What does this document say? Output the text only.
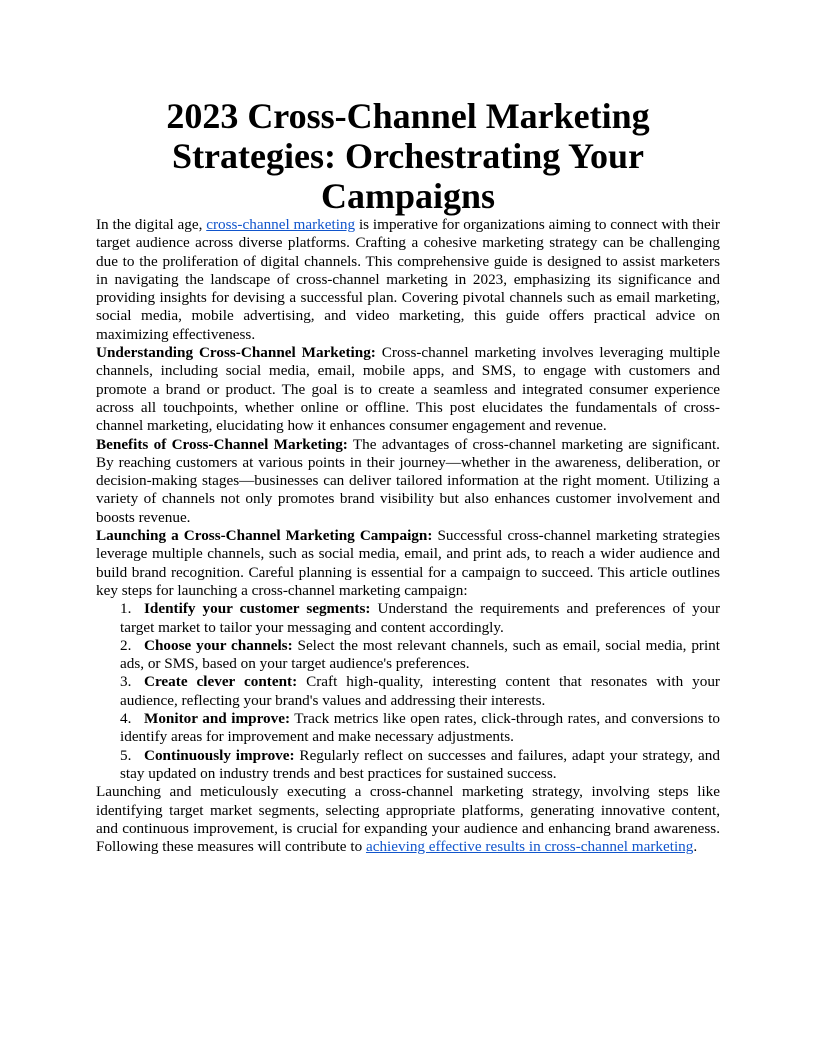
2023 Cross-Channel Marketing Strategies: Orchestrating Your Campaigns

In the digital age, cross-channel marketing is imperative for organizations aiming to connect with their target audience across diverse platforms. Crafting a cohesive marketing strategy can be challenging due to the proliferation of digital channels. This comprehensive guide is designed to assist marketers in navigating the landscape of cross-channel marketing in 2023, emphasizing its significance and providing insights for devising a successful plan. Covering pivotal channels such as email marketing, social media, mobile advertising, and video marketing, this guide offers practical advice on maximizing effectiveness.

Understanding Cross-Channel Marketing: Cross-channel marketing involves leveraging multiple channels, including social media, email, mobile apps, and SMS, to engage with customers and promote a brand or product. The goal is to create a seamless and integrated consumer experience across all touchpoints, whether online or offline. This post elucidates the fundamentals of cross-channel marketing, elucidating how it enhances consumer engagement and revenue.

Benefits of Cross-Channel Marketing: The advantages of cross-channel marketing are significant. By reaching customers at various points in their journey—whether in the awareness, deliberation, or decision-making stages—businesses can deliver tailored information at the right moment. Utilizing a variety of channels not only promotes brand visibility but also enhances customer involvement and boosts revenue.

Launching a Cross-Channel Marketing Campaign: Successful cross-channel marketing strategies leverage multiple channels, such as social media, email, and print ads, to reach a wider audience and build brand recognition. Careful planning is essential for a campaign to succeed. This article outlines key steps for launching a cross-channel marketing campaign:

1. Identify your customer segments: Understand the requirements and preferences of your target market to tailor your messaging and content accordingly.
2. Choose your channels: Select the most relevant channels, such as email, social media, print ads, or SMS, based on your target audience's preferences.
3. Create clever content: Craft high-quality, interesting content that resonates with your audience, reflecting your brand's values and addressing their interests.
4. Monitor and improve: Track metrics like open rates, click-through rates, and conversions to identify areas for improvement and make necessary adjustments.
5. Continuously improve: Regularly reflect on successes and failures, adapt your strategy, and stay updated on industry trends and best practices for sustained success.

Launching and meticulously executing a cross-channel marketing strategy, involving steps like identifying target market segments, selecting appropriate platforms, generating innovative content, and continuous improvement, is crucial for expanding your audience and enhancing brand awareness. Following these measures will contribute to achieving effective results in cross-channel marketing.
